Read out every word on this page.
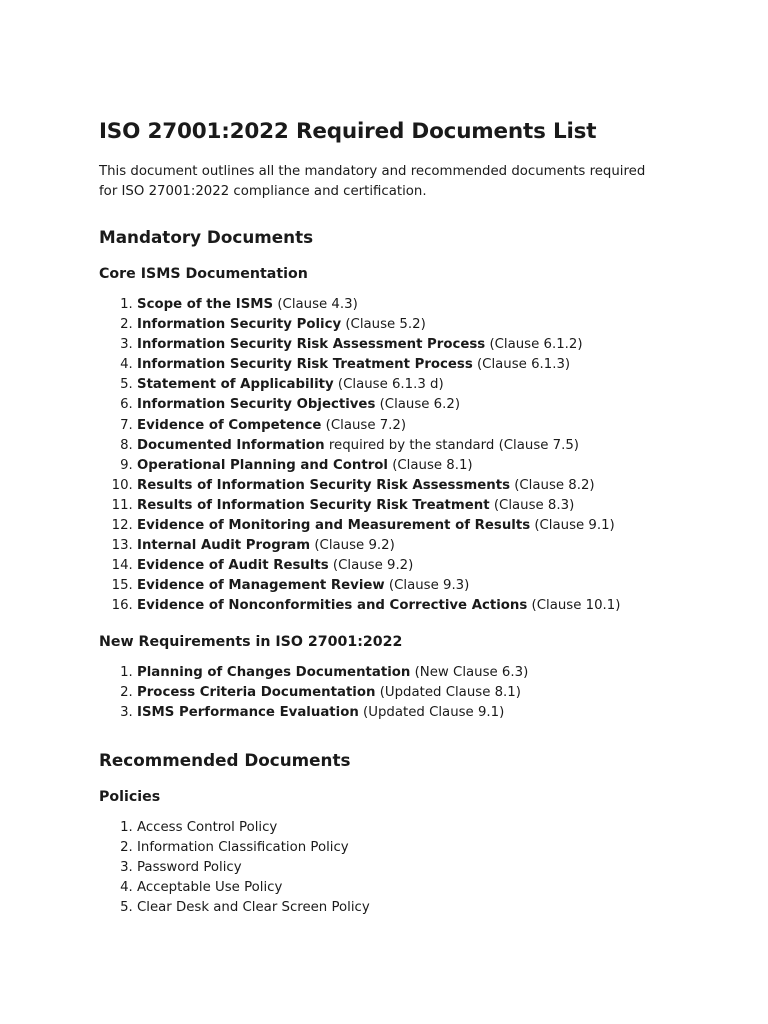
ISO 27001:2022 Required Documents List

This document outlines all the mandatory and recommended documents required for ISO 27001:2022 compliance and certification.

Mandatory Documents
Core ISMS Documentation
1. Scope of the ISMS (Clause 4.3)
2. Information Security Policy (Clause 5.2)
3. Information Security Risk Assessment Process (Clause 6.1.2)
4. Information Security Risk Treatment Process (Clause 6.1.3)
5. Statement of Applicability (Clause 6.1.3 d)
6. Information Security Objectives (Clause 6.2)
7. Evidence of Competence (Clause 7.2)
8. Documented Information required by the standard (Clause 7.5)
9. Operational Planning and Control (Clause 8.1)
10. Results of Information Security Risk Assessments (Clause 8.2)
11. Results of Information Security Risk Treatment (Clause 8.3)
12. Evidence of Monitoring and Measurement of Results (Clause 9.1)
13. Internal Audit Program (Clause 9.2)
14. Evidence of Audit Results (Clause 9.2)
15. Evidence of Management Review (Clause 9.3)
16. Evidence of Nonconformities and Corrective Actions (Clause 10.1)
New Requirements in ISO 27001:2022
1. Planning of Changes Documentation (New Clause 6.3)
2. Process Criteria Documentation (Updated Clause 8.1)
3. ISMS Performance Evaluation (Updated Clause 9.1)
Recommended Documents
Policies
1. Access Control Policy
2. Information Classification Policy
3. Password Policy
4. Acceptable Use Policy
5. Clear Desk and Clear Screen Policy
